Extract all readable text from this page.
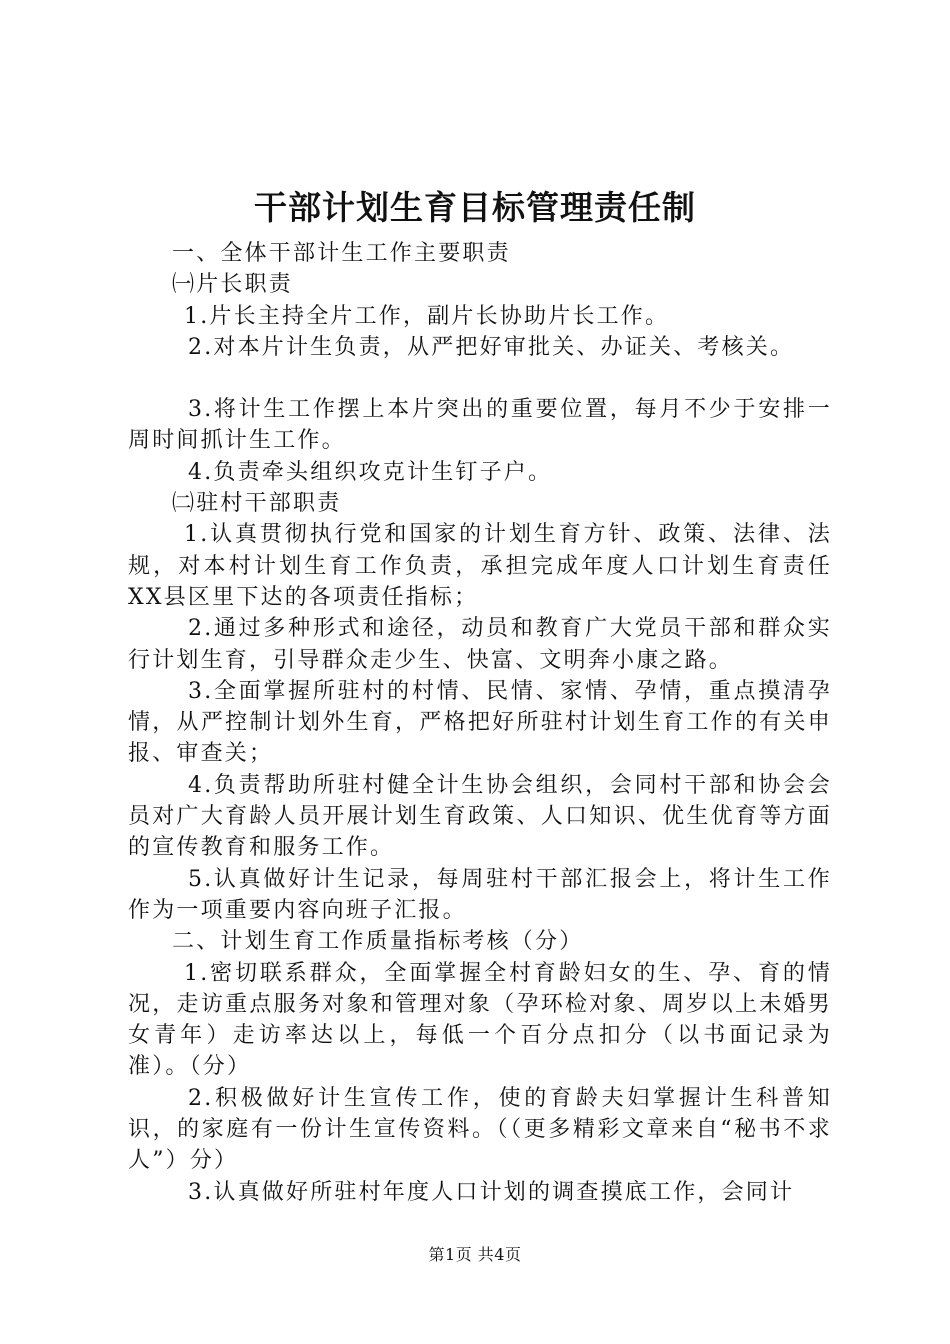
干部计划生育目标管理责任制

一、全体干部计生工作主要职责

㈠片长职责

1.片长主持全片工作，副片长协助片长工作。

2.对本片计生负责，从严把好审批关、办证关、考核关。

3.将计生工作摆上本片突出的重要位置，每月不少于安排一周时间抓计生工作。

4.负责牵头组织攻克计生钉子户。

㈡驻村干部职责

1.认真贯彻执行党和国家的计划生育方针、政策、法律、法规，对本村计划生育工作负责，承担完成年度人口计划生育责任XX县区里下达的各项责任指标；

2.通过多种形式和途径，动员和教育广大党员干部和群众实行计划生育，引导群众走少生、快富、文明奔小康之路。

3.全面掌握所驻村的村情、民情、家情、孕情，重点摸清孕情，从严控制计划外生育，严格把好所驻村计划生育工作的有关申报、审查关；

4.负责帮助所驻村健全计生协会组织，会同村干部和协会会员对广大育龄人员开展计划生育政策、人口知识、优生优育等方面的宣传教育和服务工作。

5.认真做好计生记录，每周驻村干部汇报会上，将计生工作作为一项重要内容向班子汇报。

二、计划生育工作质量指标考核（分）

1.密切联系群众，全面掌握全村育龄妇女的生、孕、育的情况，走访重点服务对象和管理对象（孕环检对象、周岁以上未婚男女青年）走访率达以上，每低一个百分点扣分（以书面记录为准）。（分）

2.积极做好计生宣传工作，使的育龄夫妇掌握计生科普知识，的家庭有一份计生宣传资料。（（更多精彩文章来自“秘书不求人”）分）

3.认真做好所驻村年度人口计划的调查摸底工作，会同计

第1页 共4页
